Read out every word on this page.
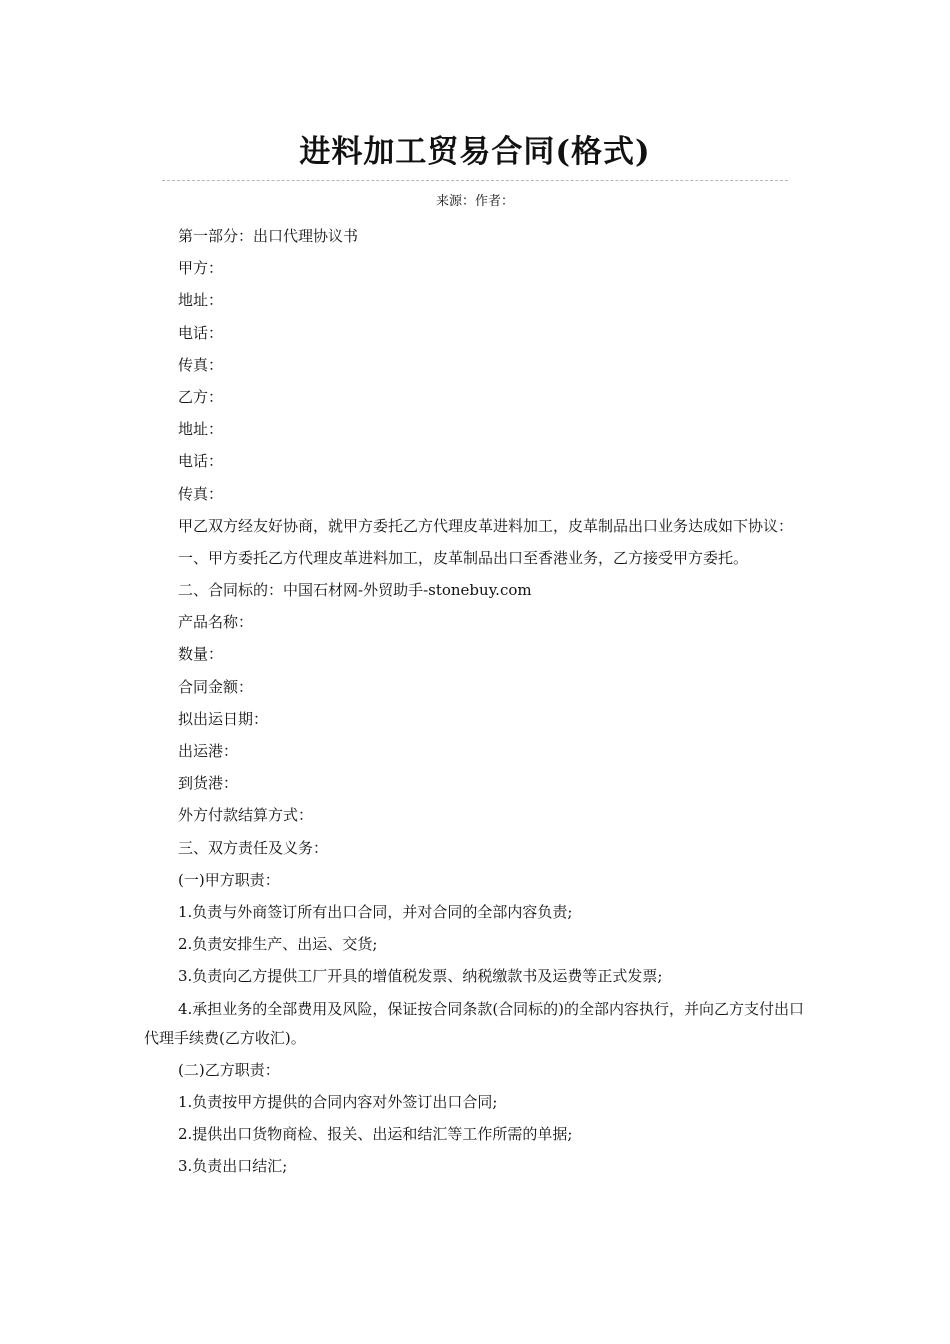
进料加工贸易合同(格式)
来源：作者：

第一部分：出口代理协议书

甲方：

地址：

电话：

传真：

乙方：

地址：

电话：

传真：

甲乙双方经友好协商，就甲方委托乙方代理皮革进料加工，皮革制品出口业务达成如下协议：

一、甲方委托乙方代理皮革进料加工，皮革制品出口至香港业务，乙方接受甲方委托。

二、合同标的：中国石材网-外贸助手-stonebuy.com

产品名称：

数量：

合同金额：

拟出运日期：

出运港：

到货港：

外方付款结算方式：

三、双方责任及义务：

(一)甲方职责：

1.负责与外商签订所有出口合同，并对合同的全部内容负责;

2.负责安排生产、出运、交货;

3.负责向乙方提供工厂开具的增值税发票、纳税缴款书及运费等正式发票;

4.承担业务的全部费用及风险，保证按合同条款(合同标的)的全部内容执行，并向乙方支付出口代理手续费(乙方收汇)。

(二)乙方职责：

1.负责按甲方提供的合同内容对外签订出口合同;

2.提供出口货物商检、报关、出运和结汇等工作所需的单据;

3.负责出口结汇;
